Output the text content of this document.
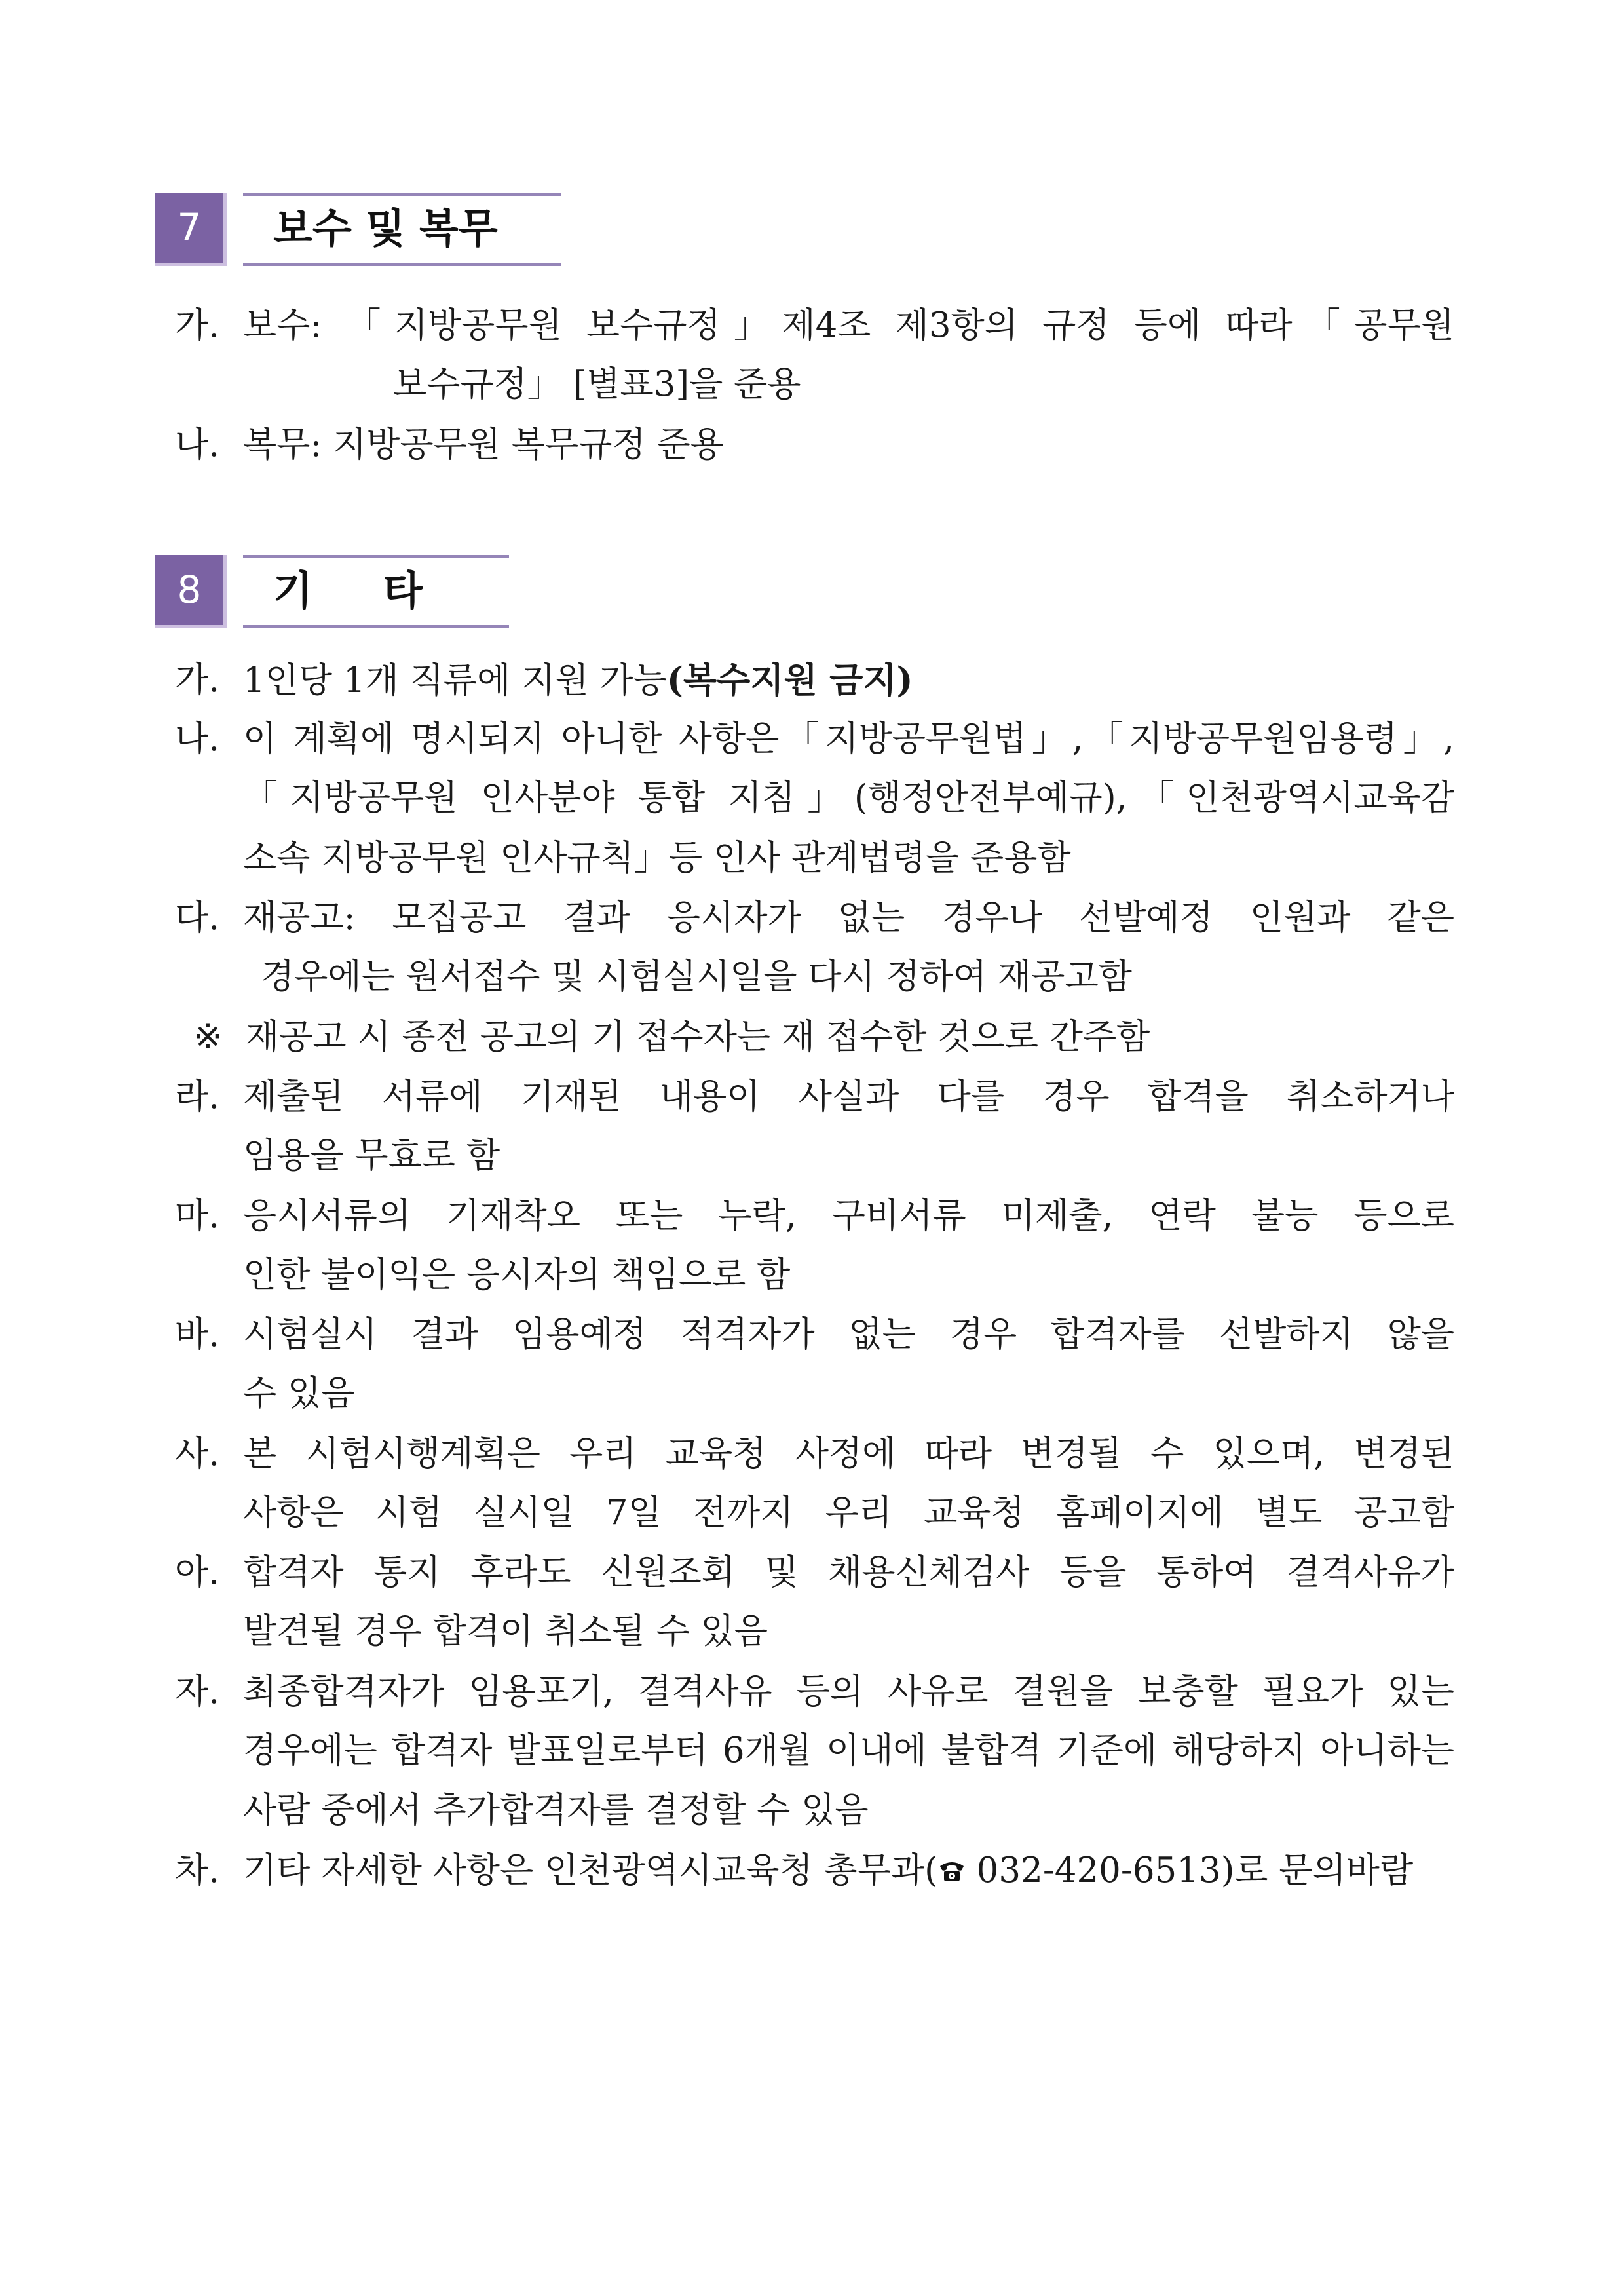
7	보수 및 복무
가. 보수: 「지방공무원 보수규정」제4조 제3항의 규정 등에 따라「공무원
보수규정」 [별표3]을 준용
나. 복무: 지방공무원 복무규정 준용
8	기     타
가. 1인당 1개 직류에 지원 가능(복수지원 금지)
나. 이 계획에 명시되지 아니한 사항은「지방공무원법」,「지방공무원임용령」,
「지방공무원 인사분야 통합 지침」(행정안전부예규),「인천광역시교육감
소속 지방공무원 인사규칙」등 인사 관계법령을 준용함
다. 재공고: 모집공고 결과 응시자가 없는 경우나 선발예정 인원과 같은
경우에는 원서접수 및 시험실시일을 다시 정하여 재공고함
※ 재공고 시 종전 공고의 기 접수자는 재 접수한 것으로 간주함
라. 제출된 서류에 기재된 내용이 사실과 다를 경우 합격을 취소하거나
임용을 무효로 함
마. 응시서류의 기재착오 또는 누락, 구비서류 미제출, 연락 불능 등으로
인한 불이익은 응시자의 책임으로 함
바. 시험실시 결과 임용예정 적격자가 없는 경우 합격자를 선발하지 않을
수 있음
사. 본 시험시행계획은 우리 교육청 사정에 따라 변경될 수 있으며, 변경된
사항은 시험 실시일 7일 전까지 우리 교육청 홈페이지에 별도 공고함
아. 합격자 통지 후라도 신원조회 및 채용신체검사 등을 통하여 결격사유가
발견될 경우 합격이 취소될 수 있음
자. 최종합격자가 임용포기, 결격사유 등의 사유로 결원을 보충할 필요가 있는
경우에는 합격자 발표일로부터 6개월 이내에 불합격 기준에 해당하지 아니하는
사람 중에서 추가합격자를 결정할 수 있음
차. 기타 자세한 사항은 인천광역시교육청 총무과( 032-420-6513)로 문의바람
